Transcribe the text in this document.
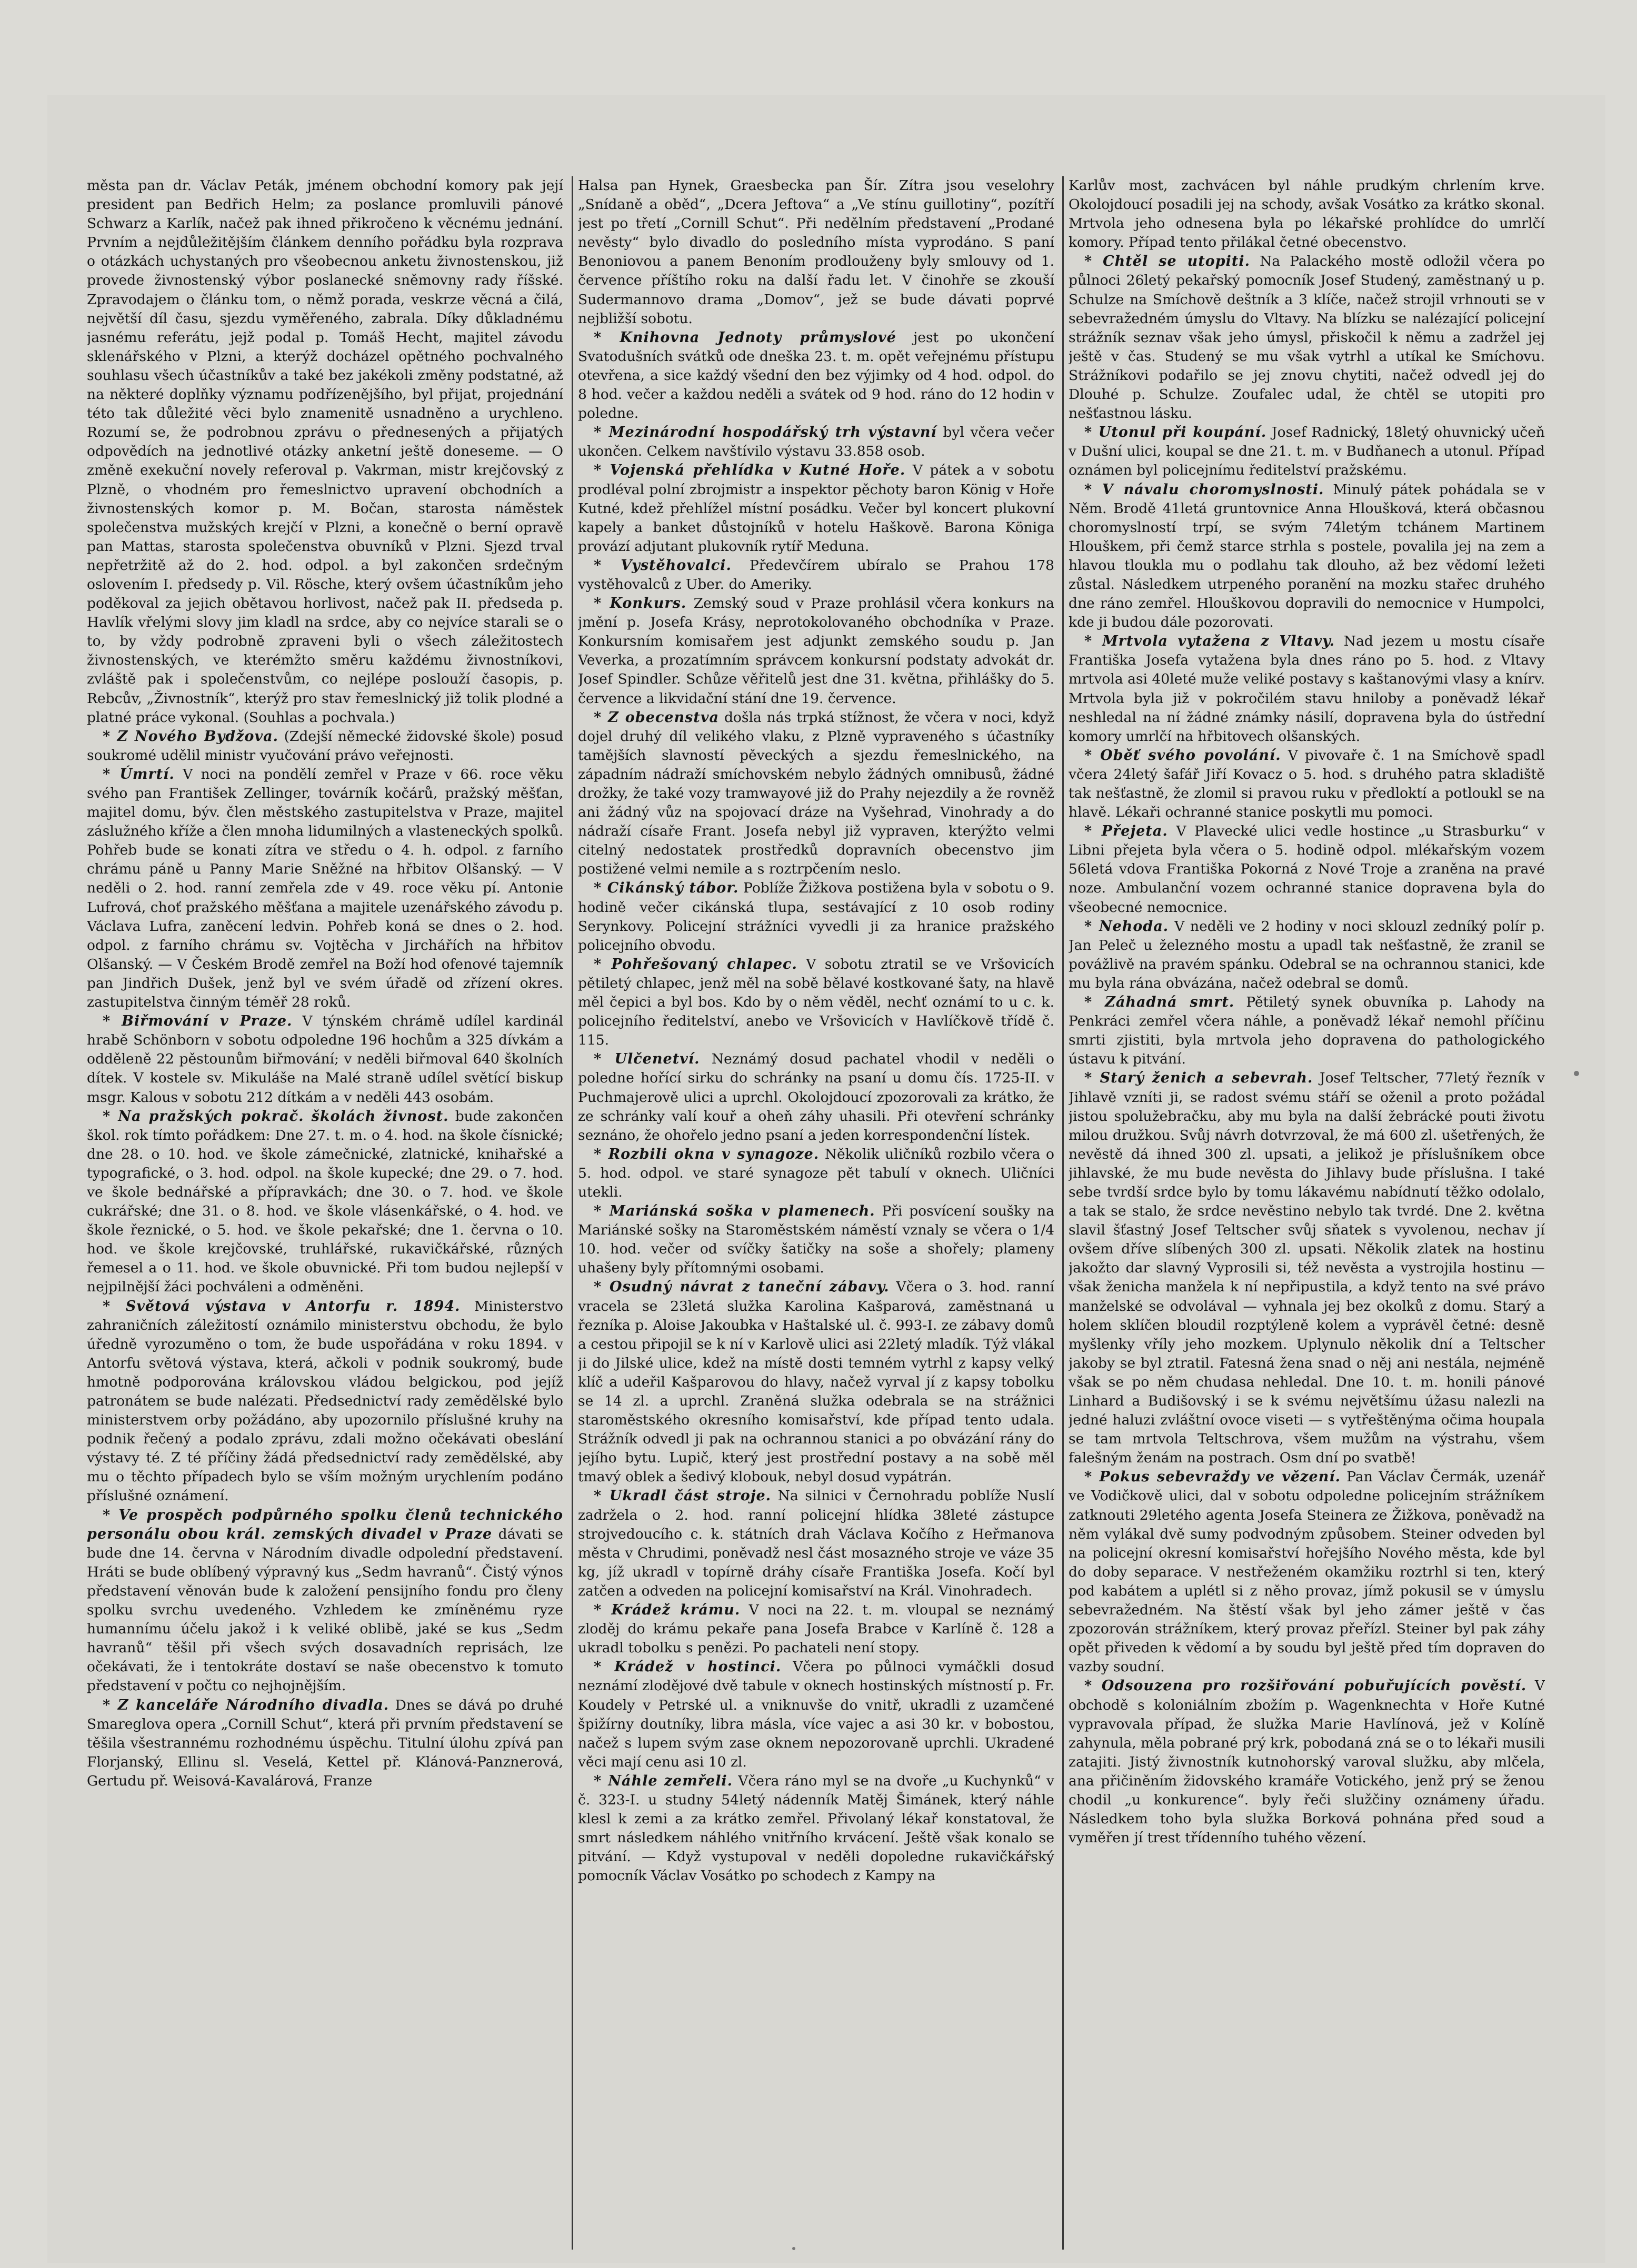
města pan dr. Václav Peták, jménem obchodní komory pak její president pan Bedřich Helm; za poslance promluvili pánové Schwarz a Karlík, načež pak ihned přikročeno k věcnému jednání. Prvním a nejdůležitějším článkem denního pořádku byla rozprava o otázkách uchystaných pro všeobecnou anketu živnostenskou, již provede živnostenský výbor poslanecké sněmovny rady říšské. Zpravodajem o článku tom, o němž porada, veskrze věcná a čilá, největší díl času, sjezdu vyměřeného, zabrala. Díky důkladnému jasnému referátu, jejž podal p. Tomáš Hecht, majitel závodu sklenářského v Plzni, a kterýž docházel opětného pochvalného souhlasu všech účastníkův a také bez jakékoli změny podstatné, až na některé doplňky významu podřízenějšího, byl přijat, projednání této tak důležité věci bylo znamenitě usnadněno a urychleno. Rozumí se, že podrobnou zprávu o přednesených a přijatých odpovědích na jednotlivé otázky anketní ještě doneseme. — O změně exekuční novely referoval p. Vakrman, mistr krejčovský z Plzně, o vhodném pro řemeslnictvo upravení obchodních a živnostenských komor p. M. Bočan, starosta náměstek společenstva mužských krejčí v Plzni, a konečně o berní opravě pan Mattas, starosta společenstva obuvníků v Plzni. Sjezd trval nepřetržitě až do 2. hod. odpol. a byl zakončen srdečným oslovením I. předsedy p. Vil. Rösche, který ovšem účastníkům jeho poděkoval za jejich obětavou horlivost, načež pak II. předseda p. Havlík vřelými slovy jim kladl na srdce, aby co nejvíce starali se o to, by vždy podrobně zpraveni byli o všech záležitostech živnostenských, ve kterémžto směru každému živnostníkovi, zvláště pak i společenstvům, co nejlépe poslouží časopis, p. Rebcův, „Živnostník“, kterýž pro stav řemeslnický již tolik plodné a platné práce vykonal. (Souhlas a pochvala.)

* Z Nového Bydžova. (Zdejší německé židovské škole) posud soukromé udělil ministr vyučování právo veřejnosti.

* Úmrtí. V noci na pondělí zemřel v Praze v 66. roce věku svého pan František Zellinger, továrník kočárů, pražský měšťan, majitel domu, býv. člen městského zastupitelstva v Praze, majitel záslužného kříže a člen mnoha lidumilných a vlasteneckých spolků. Pohřeb bude se konati zítra ve středu o 4. h. odpol. z farního chrámu páně u Panny Marie Sněžné na hřbitov Olšanský. — V neděli o 2. hod. ranní zemřela zde v 49. roce věku pí. Antonie Lufrová, choť pražského měšťana a majitele uzenářského závodu p. Václava Lufra, zaněcení ledvin. Pohřeb koná se dnes o 2. hod. odpol. z farního chrámu sv. Vojtěcha v Jirchářích na hřbitov Olšanský. — V Českém Brodě zemřel na Boží hod ofenové tajemník pan Jindřich Dušek, jenž byl ve svém úřadě od zřízení okres. zastupitelstva činným téměř 28 roků.

* Biřmování v Praze. V týnském chrámě udílel kardinál hrabě Schönborn v sobotu odpoledne 196 hochům a 325 dívkám a odděleně 22 pěstounům biřmování; v neděli biřmoval 640 školních dítek. V kostele sv. Mikuláše na Malé straně udílel světící biskup msgr. Kalous v sobotu 212 dítkám a v neděli 443 osobám.

* Na pražských pokrač. školách živnost. bude zakončen škol. rok tímto pořádkem: Dne 27. t. m. o 4. hod. na škole čísnické; dne 28. o 10. hod. ve škole zámečnické, zlatnické, knihařské a typografické, o 3. hod. odpol. na škole kupecké; dne 29. o 7. hod. ve škole bednářské a přípravkách; dne 30. o 7. hod. ve škole cukrářské; dne 31. o 8. hod. ve škole vlásenkářské, o 4. hod. ve škole řeznické, o 5. hod. ve škole pekařské; dne 1. června o 10. hod. ve škole krejčovské, truhlářské, rukavičkářské, různých řemesel a o 11. hod. ve škole obuvnické. Při tom budou nejlepší v nejpilnější žáci pochváleni a odměněni.

* Světová výstava v Antorfu r. 1894. Ministerstvo zahraničních záležitostí oznámilo ministerstvu obchodu, že bylo úředně vyrozuměno o tom, že bude uspořádána v roku 1894. v Antorfu světová výstava, která, ačkoli v podnik soukromý, bude hmotně podporována královskou vládou belgickou, pod jejíž patronátem se bude nalézati. Předsednictví rady zemědělské bylo ministerstvem orby požádáno, aby upozornilo příslušné kruhy na podnik řečený a podalo zprávu, zdali možno očekávati obeslání výstavy té. Z té příčiny žádá předsednictví rady zemědělské, aby mu o těchto případech bylo se vším možným urychlením podáno příslušné oznámení.

* Ve prospěch podpůrného spolku členů technického personálu obou král. zemských divadel v Praze dávati se bude dne 14. června v Národním divadle odpolední představení. Hráti se bude oblíbený výpravný kus „Sedm havranů“. Čistý výnos představení věnován bude k založení pensijního fondu pro členy spolku svrchu uvedeného. Vzhledem ke zmíněnému ryze humannímu účelu jakož i k veliké oblibě, jaké se kus „Sedm havranů“ těšil při všech svých dosavadních reprisách, lze očekávati, že i tentokráte dostaví se naše obecenstvo k tomuto představení v počtu co nejhojnějším.

* Z kanceláře Národního divadla. Dnes se dává po druhé Smareglova opera „Cornill Schut“, která při prvním představení se těšila všestrannému rozhodnému úspěchu. Titulní úlohu zpívá pan Florjanský, Ellinu sl. Veselá, Kettel př. Klánová-Panznerová, Gertudu př. Weisová-Kavalárová, Franze

Halsa pan Hynek, Graesbecka pan Šír. Zítra jsou veselohry „Snídaně a oběd“, „Dcera Jeftova“ a „Ve stínu guillotiny“, pozítří jest po třetí „Cornill Schut“. Při nedělním představení „Prodané nevěsty“ bylo divadlo do posledního místa vyprodáno. S paní Benoniovou a panem Benoním prodlouženy byly smlouvy od 1. července příštího roku na další řadu let. V činohře se zkouší Sudermannovo drama „Domov“, jež se bude dávati poprvé nejbližší sobotu.

* Knihovna Jednoty průmyslové jest po ukončení Svatodušních svátků ode dneška 23. t. m. opět veřejnému přístupu otevřena, a sice každý všední den bez výjimky od 4 hod. odpol. do 8 hod. večer a každou neděli a svátek od 9 hod. ráno do 12 hodin v poledne.

* Mezinárodní hospodářský trh výstavní byl včera večer ukončen. Celkem navštívilo výstavu 33.858 osob.

* Vojenská přehlídka v Kutné Hoře. V pátek a v sobotu prodléval polní zbrojmistr a inspektor pěchoty baron König v Hoře Kutné, kdež přehlížel místní posádku. Večer byl koncert plukovní kapely a banket důstojníků v hotelu Haškově. Barona Königa provází adjutant plukovník rytíř Meduna.

* Vystěhovalci. Předevčírem ubíralo se Prahou 178 vystěhovalců z Uber. do Ameriky.

* Konkurs. Zemský soud v Praze prohlásil včera konkurs na jmění p. Josefa Krásy, neprotokolovaného obchodníka v Praze. Konkursním komisařem jest adjunkt zemského soudu p. Jan Veverka, a prozatímním správcem konkursní podstaty advokát dr. Josef Spindler. Schůze věřitelů jest dne 31. května, přihlášky do 5. července a likvidační stání dne 19. července.

* Z obecenstva došla nás trpká stížnost, že včera v noci, když dojel druhý díl velikého vlaku, z Plzně vypraveného s účastníky tamějších slavností pěveckých a sjezdu řemeslnického, na západním nádraží smíchovském nebylo žádných omnibusů, žádné drožky, že také vozy tramwayové již do Prahy nejezdily a že rovněž ani žádný vůz na spojovací dráze na Vyšehrad, Vinohrady a do nádraží císaře Frant. Josefa nebyl již vypraven, kterýžto velmi citelný nedostatek prostředků dopravních obecenstvo jim postižené velmi nemile a s roztrpčením neslo.

* Cikánský tábor. Poblíže Žižkova postižena byla v sobotu o 9. hodině večer cikánská tlupa, sestávající z 10 osob rodiny Serynkovy. Policejní strážníci vyvedli ji za hranice pražského policejního obvodu.

* Pohřešovaný chlapec. V sobotu ztratil se ve Vršovicích pětiletý chlapec, jenž měl na sobě bělavé kostkované šaty, na hlavě měl čepici a byl bos. Kdo by o něm věděl, nechť oznámí to u c. k. policejního ředitelství, anebo ve Vršovicích v Havlíčkově třídě č. 115.

* Ulčenetví. Neznámý dosud pachatel vhodil v neděli o poledne hořící sirku do schránky na psaní u domu čís. 1725-II. v Puchmajerově ulici a uprchl. Okolojdoucí zpozorovali za krátko, že ze schránky valí kouř a oheň záhy uhasili. Při otevření schránky seznáno, že ohořelo jedno psaní a jeden korrespondenční lístek.

* Rozbili okna v synagoze. Několik uličníků rozbilo včera o 5. hod. odpol. ve staré synagoze pět tabulí v oknech. Uličníci utekli.

* Mariánská soška v plamenech. Při posvícení soušky na Mariánské sošky na Staroměstském náměstí vznaly se včera o 1/4 10. hod. večer od svíčky šatičky na soše a shořely; plameny uhašeny byly přítomnými osobami.

* Osudný návrat z taneční zábavy. Včera o 3. hod. ranní vracela se 23letá služka Karolina Kašparová, zaměstnaná u řezníka p. Aloise Jakoubka v Haštalské ul. č. 993-I. ze zábavy domů a cestou připojil se k ní v Karlově ulici asi 22letý mladík. Týž vlákal ji do Jilské ulice, kdež na místě dosti temném vytrhl z kapsy velký klíč a udeřil Kašparovou do hlavy, načež vyrval jí z kapsy tobolku se 14 zl. a uprchl. Zraněná služka odebrala se na strážnici staroměstského okresního komisařství, kde případ tento udala. Strážník odvedl ji pak na ochrannou stanici a po obvázání rány do jejího bytu. Lupič, který jest prostřední postavy a na sobě měl tmavý oblek a šedivý klobouk, nebyl dosud vypátrán.

* Ukradl část stroje. Na silnici v Černohradu poblíže Nuslí zadržela o 2. hod. ranní policejní hlídka 38leté zástupce strojvedoucího c. k. státních drah Václava Kočího z Heřmanova města v Chrudimi, poněvadž nesl část mosazného stroje ve váze 35 kg, jíž ukradl v topírně dráhy císaře Františka Josefa. Kočí byl zatčen a odveden na policejní komisařství na Král. Vinohradech.

* Krádež krámu. V noci na 22. t. m. vloupal se neznámý zloděj do krámu pekaře pana Josefa Brabce v Karlíně č. 128 a ukradl tobolku s penězi. Po pachateli není stopy.

* Krádež v hostinci. Včera po půlnoci vymáčkli dosud neznámí zlodějové dvě tabule v oknech hostinských místností p. Fr. Koudely v Petrské ul. a vniknuvše do vnitř, ukradli z uzamčené špižírny doutníky, libra másla, více vajec a asi 30 kr. v bobostou, načež s lupem svým zase oknem nepozorovaně uprchli. Ukradené věci mají cenu asi 10 zl.

* Náhle zemřeli. Včera ráno myl se na dvoře „u Kuchynků“ v č. 323-I. u studny 54letý nádenník Matěj Šimánek, který náhle klesl k zemi a za krátko zemřel. Přivolaný lékař konstatoval, že smrt následkem náhlého vnitřního krvácení. Ještě však konalo se pitvání. — Když vystupoval v neděli dopoledne rukavičkářský pomocník Václav Vosátko po schodech z Kampy na

Karlův most, zachvácen byl náhle prudkým chrlením krve. Okolojdoucí posadili jej na schody, avšak Vosátko za krátko skonal. Mrtvola jeho odnesena byla po lékařské prohlídce do umrlčí komory. Případ tento přilákal četné obecenstvo.

* Chtěl se utopiti. Na Palackého mostě odložil včera po půlnoci 26letý pekařský pomocník Josef Studený, zaměstnaný u p. Schulze na Smíchově deštník a 3 klíče, načež strojil vrhnouti se v sebevražedném úmyslu do Vltavy. Na blízku se nalézající policejní strážník seznav však jeho úmysl, přiskočil k němu a zadržel jej ještě v čas. Studený se mu však vytrhl a utíkal ke Smíchovu. Strážníkovi podařilo se jej znovu chytiti, načež odvedl jej do Dlouhé p. Schulze. Zoufalec udal, že chtěl se utopiti pro nešťastnou lásku.

* Utonul při koupání. Josef Radnický, 18letý ohuvnický učeň v Dušní ulici, koupal se dne 21. t. m. v Budňanech a utonul. Případ oznámen byl policejnímu ředitelství pražskému.

* V návalu choromyslnosti. Minulý pátek pohádala se v Něm. Brodě 41letá gruntovnice Anna Hloušková, která občasnou choromyslností trpí, se svým 74letým tchánem Martinem Hlouškem, při čemž starce strhla s postele, povalila jej na zem a hlavou tloukla mu o podlahu tak dlouho, až bez vědomí ležeti zůstal. Následkem utrpeného poranění na mozku stařec druhého dne ráno zemřel. Hlouškovou dopravili do nemocnice v Humpolci, kde ji budou dále pozorovati.

* Mrtvola vytažena z Vltavy. Nad jezem u mostu císaře Františka Josefa vytažena byla dnes ráno po 5. hod. z Vltavy mrtvola asi 40leté muže veliké postavy s kaštanovými vlasy a knírv. Mrtvola byla již v pokročilém stavu hniloby a poněvadž lékař neshledal na ní žádné známky násilí, dopravena byla do ústřední komory umrlčí na hřbitovech olšanských.

* Oběť svého povolání. V pivovaře č. 1 na Smíchově spadl včera 24letý šafář Jiří Kovacz o 5. hod. s druhého patra skladiště tak nešťastně, že zlomil si pravou ruku v předloktí a potloukl se na hlavě. Lékaři ochranné stanice poskytli mu pomoci.

* Přejeta. V Plavecké ulici vedle hostince „u Strasburku“ v Libni přejeta byla včera o 5. hodině odpol. mlékařským vozem 56letá vdova Františka Pokorná z Nové Troje a zraněna na pravé noze. Ambulanční vozem ochranné stanice dopravena byla do všeobecné nemocnice.

* Nehoda. V neděli ve 2 hodiny v noci sklouzl zedníký polír p. Jan Peleč u železného mostu a upadl tak nešťastně, že zranil se povážlivě na pravém spánku. Odebral se na ochrannou stanici, kde mu byla rána obvázána, načež odebral se domů.

* Záhadná smrt. Pětiletý synek obuvníka p. Lahody na Penkráci zemřel včera náhle, a poněvadž lékař nemohl příčinu smrti zjistiti, byla mrtvola jeho dopravena do pathologického ústavu k pitvání.

* Starý ženich a sebevrah. Josef Teltscher, 77letý řezník v Jihlavě vzníti ji, se radost svému stáří se oženil a proto požádal jistou spolužebračku, aby mu byla na další žebrácké pouti životu milou družkou. Svůj návrh dotvrzoval, že má 600 zl. ušetřených, že nevěstě dá ihned 300 zl. upsati, a jelikož je příslušníkem obce jihlavské, že mu bude nevěsta do Jihlavy bude příslušna. I také sebe tvrdší srdce bylo by tomu lákavému nabídnutí těžko odolalo, a tak se stalo, že srdce nevěstino nebylo tak tvrdé. Dne 2. května slavil šťastný Josef Teltscher svůj sňatek s vyvolenou, nechav jí ovšem dříve slíbených 300 zl. upsati. Několik zlatek na hostinu jakožto dar slavný Vyprosili si, též nevěsta a vystrojila hostinu — však ženicha manžela k ní nepřipustila, a když tento na své právo manželské se odvolával — vyhnala jej bez okolků z domu. Starý a holem sklíčen bloudil rozptýleně kolem a vyprávěl četné: desně myšlenky vříly jeho mozkem. Uplynulo několik dní a Teltscher jakoby se byl ztratil. Fatesná žena snad o něj ani nestála, nejméně však se po něm chudasa nehledal. Dne 10. t. m. honili pánové Linhard a Budišovský i se k svému největšímu úžasu nalezli na jedné haluzi zvláštní ovoce viseti — s vytřeštěnýma očima houpala se tam mrtvola Teltschrova, všem mužům na výstrahu, všem falešným ženám na postrach. Osm dní po svatbě!

* Pokus sebevraždy ve vězení. Pan Václav Čermák, uzenář ve Vodičkově ulici, dal v sobotu odpoledne policejním strážníkem zatknouti 29letého agenta Josefa Steinera ze Žižkova, poněvadž na něm vylákal dvě sumy podvodným způsobem. Steiner odveden byl na policejní okresní komisařství hořejšího Nového města, kde byl do doby separace. V nestřeženém okamžiku roztrhl si ten, který pod kabátem a uplétl si z něho provaz, jímž pokusil se v úmyslu sebevražedném. Na štěstí však byl jeho zámer ještě v čas zpozorován strážníkem, který provaz přeřízl. Steiner byl pak záhy opět přiveden k vědomí a by soudu byl ještě před tím dopraven do vazby soudní.

* Odsouzena pro rozšiřování pobuřujících pověstí. V obchodě s koloniálním zbožím p. Wagenknechta v Hoře Kutné vypravovala případ, že služka Marie Havlínová, jež v Kolíně zahynula, měla pobrané prý krk, pobodaná zná se o to lékaři musili zatajiti. Jistý živnostník kutnohorský varoval služku, aby mlčela, ana přičiněním židovského kramáře Votického, jenž prý se ženou chodil „u konkurence“. byly řeči služčiny oznámeny úřadu. Následkem toho byla služka Borková pohnána před soud a vyměřen jí trest třídenního tuhého vězení.
